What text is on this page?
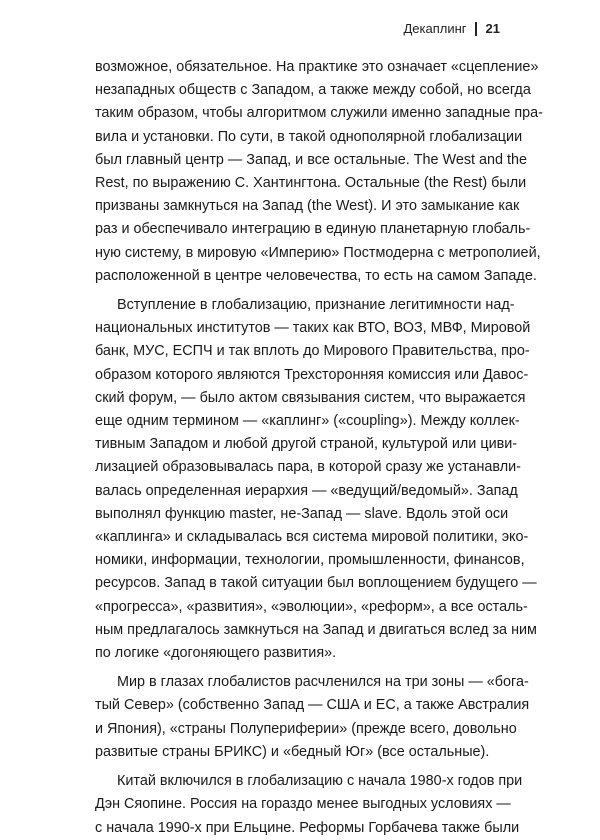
Декаплинг 21

возможное, обязательное. На практике это означает «сцепление»
незападных обществ с Западом, а также между собой, но всегда
таким образом, чтобы алгоритмом служили именно западные пра-
вила и установки. По сути, в такой однополярной глобализации
был главный центр — Запад, и все остальные. The West and the
Rest, по выражению С. Хантингтона. Остальные (the Rest) были
призваны замкнуться на Запад (the West). И это замыкание как
раз и обеспечивало интеграцию в единую планетарную глобаль-
ную систему, в мировую «Империю» Постмодерна с метрополией,
расположенной в центре человечества, то есть на самом Западе.

Вступление в глобализацию, признание легитимности над-
национальных институтов — таких как ВТО, ВОЗ, МВФ, Мировой
банк, МУС, ЕСПЧ и так вплоть до Мирового Правительства, про-
образом которого являются Трехсторонняя комиссия или Давос-
ский форум, — было актом связывания систем, что выражается
еще одним термином — «каплинг» («coupling»). Между коллек-
тивным Западом и любой другой страной, культурой или циви-
лизацией образовывалась пара, в которой сразу же устанавли-
валась определенная иерархия — «ведущий/ведомый». Запад
выполнял функцию master, не-Запад — slave. Вдоль этой оси
«каплинга» и складывалась вся система мировой политики, эко-
номики, информации, технологии, промышленности, финансов,
ресурсов. Запад в такой ситуации был воплощением будущего —
«прогресса», «развития», «эволюции», «реформ», а все осталь-
ным предлагалось замкнуться на Запад и двигаться вслед за ним
по логике «догоняющего развития».

Мир в глазах глобалистов расчленился на три зоны — «бога-
тый Север» (собственно Запад — США и ЕС, а также Австралия
и Япония), «страны Полупериферии» (прежде всего, довольно
развитые страны БРИКС) и «бедный Юг» (все остальные).

Китай включился в глобализацию с начала 1980-х годов при
Дэн Сяопине. Россия на гораздо менее выгодных условиях —
с начала 1990-х при Ельцине. Реформы Горбачева также были
